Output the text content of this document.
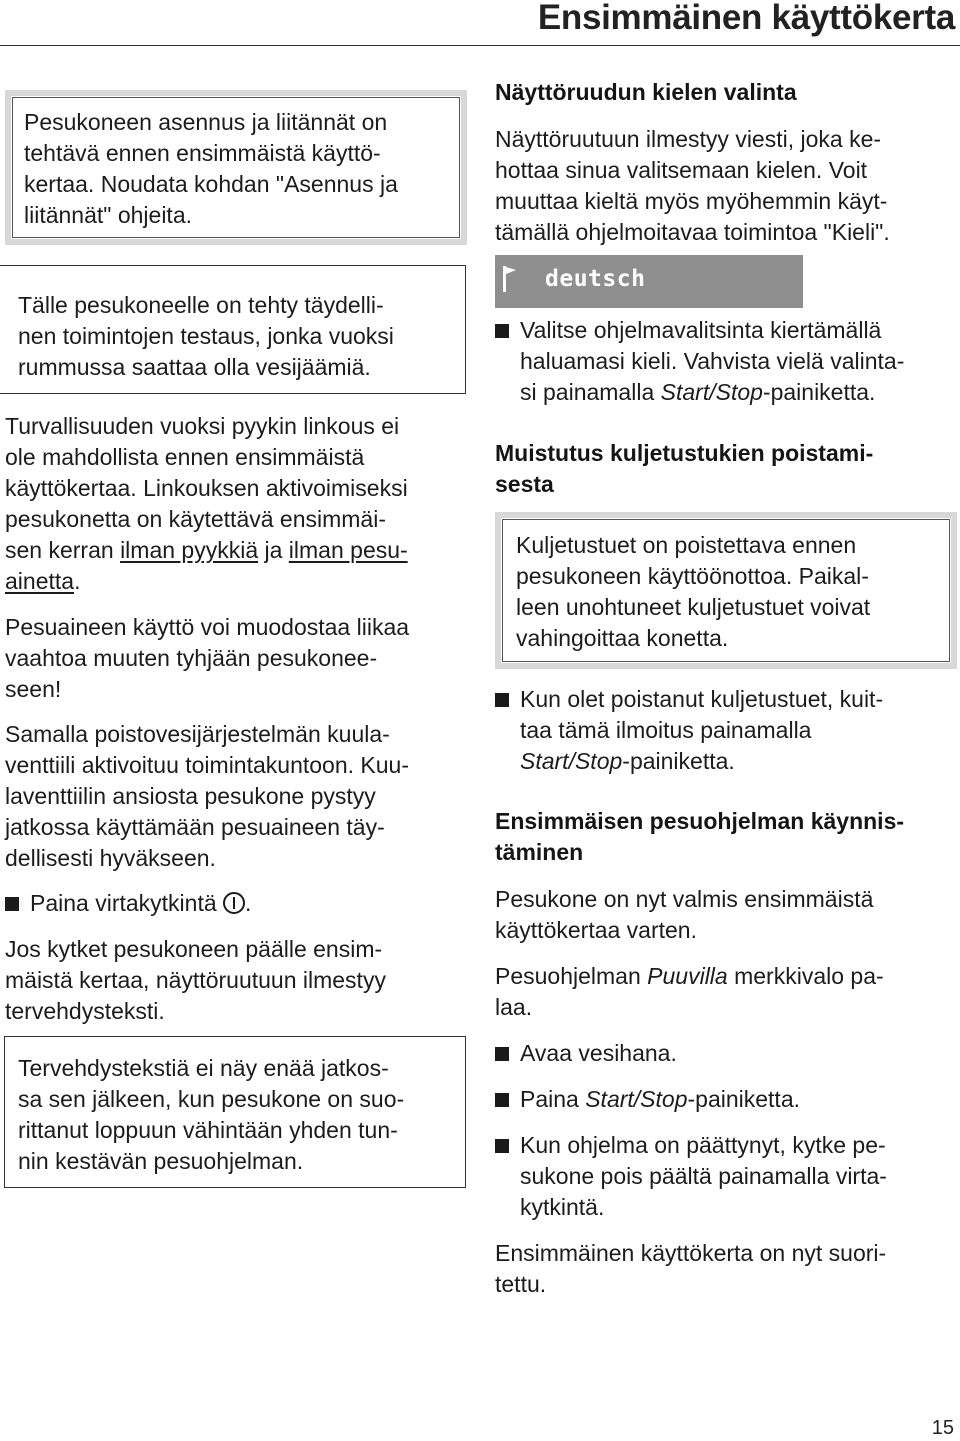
Ensimmäinen käyttökerta

Pesukoneen asennus ja liitännät on
tehtävä ennen ensimmäistä käyttö-
kertaa. Noudata kohdan "Asennus ja
liitännät" ohjeita.

Tälle pesukoneelle on tehty täydelli-
nen toimintojen testaus, jonka vuoksi
rummussa saattaa olla vesijäämiä.

Turvallisuuden vuoksi pyykin linkous ei
ole mahdollista ennen ensimmäistä
käyttökertaa. Linkouksen aktivoimiseksi
pesukonetta on käytettävä ensimmäi-
sen kerran ilman pyykkiä ja ilman pesu-
ainetta.

Pesuaineen käyttö voi muodostaa liikaa
vaahtoa muuten tyhjään pesukonee-
seen!

Samalla poistovesijärjestelmän kuula-
venttiili aktivoituu toimintakuntoon. Kuu-
laventtiilin ansiosta pesukone pystyy
jatkossa käyttämään pesuaineen täy-
dellisesti hyväkseen.

Paina virtakytkintä .

Jos kytket pesukoneen päälle ensim-
mäistä kertaa, näyttöruutuun ilmestyy
tervehdysteksti.

Tervehdystekstiä ei näy enää jatkos-
sa sen jälkeen, kun pesukone on suo-
rittanut loppuun vähintään yhden tun-
nin kestävän pesuohjelman.

Näyttöruudun kielen valinta

Näyttöruutuun ilmestyy viesti, joka ke-
hottaa sinua valitsemaan kielen. Voit
muuttaa kieltä myös myöhemmin käyt-
tämällä ohjelmoitavaa toimintoa "Kieli".

deutsch

Valitse ohjelmavalitsinta kiertämällä
haluamasi kieli. Vahvista vielä valinta-
si painamalla Start/Stop-painiketta.

Muistutus kuljetustukien poistami-
sesta

Kuljetustuet on poistettava ennen
pesukoneen käyttöönottoa. Paikal-
leen unohtuneet kuljetustuet voivat
vahingoittaa konetta.

Kun olet poistanut kuljetustuet, kuit-
taa tämä ilmoitus painamalla
Start/Stop-painiketta.

Ensimmäisen pesuohjelman käynnis-
täminen

Pesukone on nyt valmis ensimmäistä
käyttökertaa varten.

Pesuohjelman Puuvilla merkkivalo pa-
laa.

Avaa vesihana.

Paina Start/Stop-painiketta.

Kun ohjelma on päättynyt, kytke pe-
sukone pois päältä painamalla virta-
kytkintä.

Ensimmäinen käyttökerta on nyt suori-
tettu.

15
